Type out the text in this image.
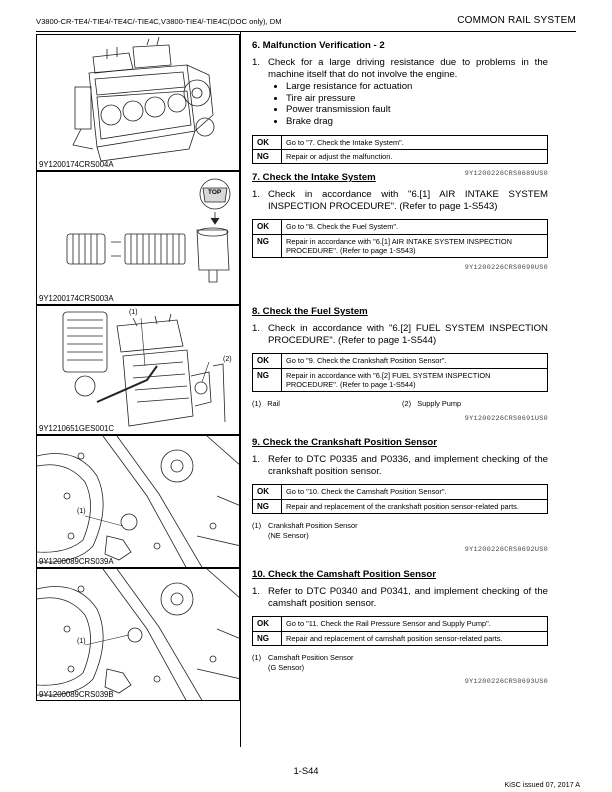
V3800-CR-TE4/-TIE4/-TE4C/-TIE4C,V3800-TIE4/-TIE4C(DOC only), DM	COMMON RAIL SYSTEM
9Y1200174CRS004A
TOP
9Y1200174CRS003A
(1)
(2)
9Y1210651GES001C
(1)
9Y1200089CRS039A
(1)
9Y1200089CRS039B
6. Malfunction Verification - 2

1. Check for a large driving resistance due to problems in the machine itself that do not involve the engine.

• Large resistance for actuation
• Tire air pressure
• Power transmission fault
• Brake drag
OK	Go to "7. Check the Intake System".
NG	Repair or adjust the malfunction.
9Y1200226CRS0689US0
7. Check the Intake System

1. Check in accordance with "6.[1] AIR INTAKE SYSTEM INSPECTION PROCEDURE". (Refer to page 1-S543)

OK	Go to "8. Check the Fuel System".
NG	Repair in accordance with "6.[1] AIR INTAKE SYSTEM INSPECTION PROCEDURE". (Refer to page 1-S543)
9Y1200226CRS0690US0
8. Check the Fuel System

1. Check in accordance with "6.[2] FUEL SYSTEM INSPECTION PROCEDURE". (Refer to page 1-S544)

OK	Go to "9. Check the Crankshaft Position Sensor".
NG	Repair in accordance with "6.[2] FUEL SYSTEM INSPECTION PROCEDURE". (Refer to page 1-S544)
(1)   Rail	(2)   Supply Pump
9Y1200226CRS0691US0
9. Check the Crankshaft Position Sensor

1. Refer to DTC P0335 and P0336, and implement checking of the crankshaft position sensor.

OK	Go to "10. Check the Camshaft Position Sensor".
NG	Repair and replacement of the crankshaft position sensor-related parts.
(1) Crankshaft Position Sensor
(NE Sensor)
9Y1200226CRS0692US0
10. Check the Camshaft Position Sensor

1. Refer to DTC P0340 and P0341, and implement checking of the camshaft position sensor.

OK	Go to "11. Check the Rail Pressure Sensor and Supply Pump".
NG	Repair and replacement of camshaft position sensor-related parts.
(1) Camshaft Position Sensor
(G Sensor)
9Y1200226CRS0693US0
1-S44
KiSC issued 07, 2017 A
